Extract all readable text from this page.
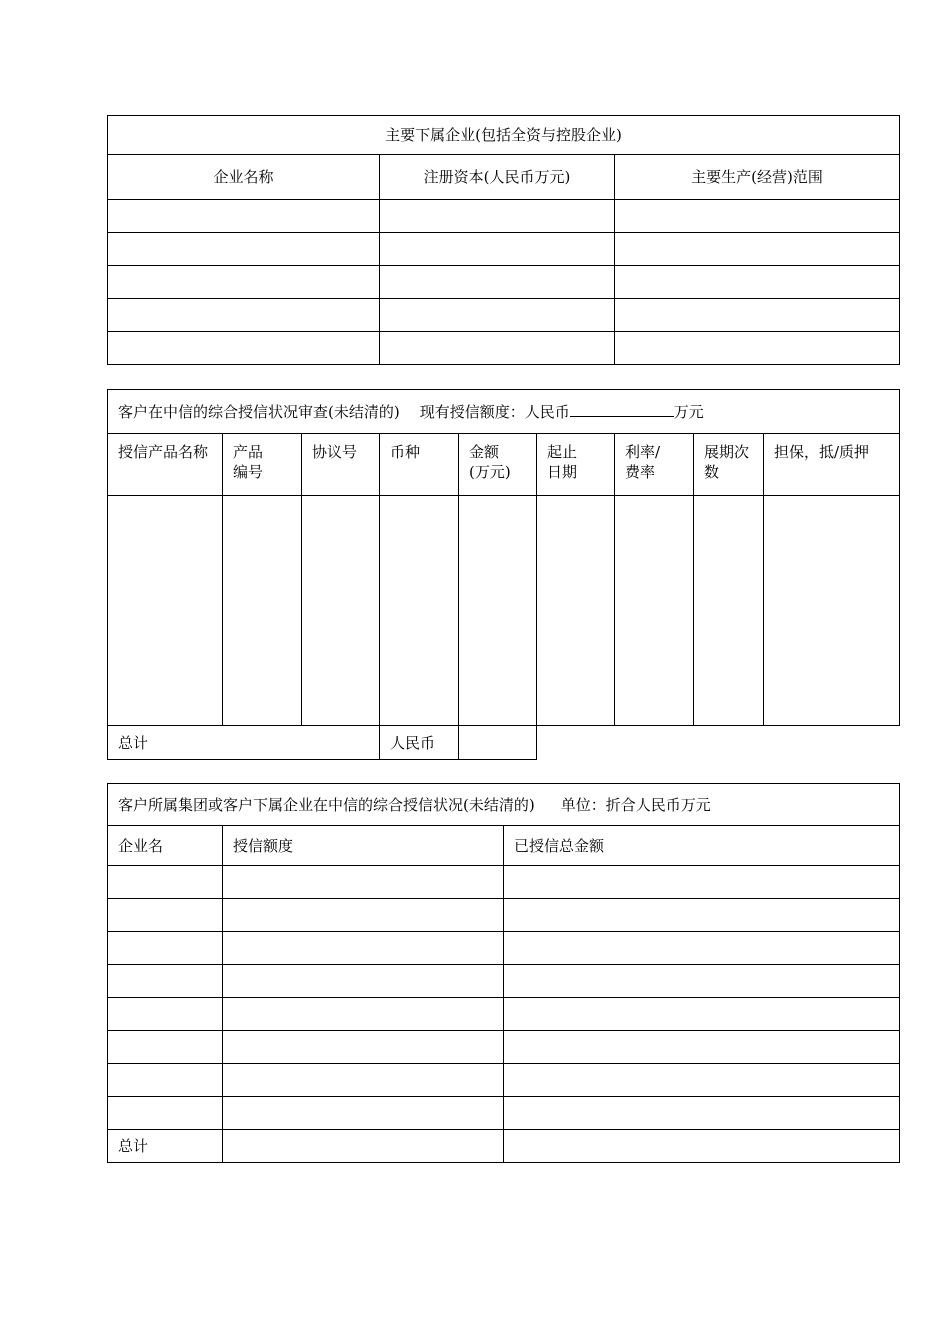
主要下属企业(包括全资与控股企业)		
企业名称	注册资本(人民币万元)	主要生产(经营)范围

客户在中信的综合授信状况审查(未结清的) 现有授信额度：人民币 万元								
授信产品名称	产品编号	协议号	币种	金额(万元)	起止日期	利率/费率	展期次数	担保，抵/质押

总计			人民币					
客户所属集团或客户下属企业在中信的综合授信状况(未结清的) 单位：折合人民币万元		
企业名	授信额度	已授信总金额

总计		
